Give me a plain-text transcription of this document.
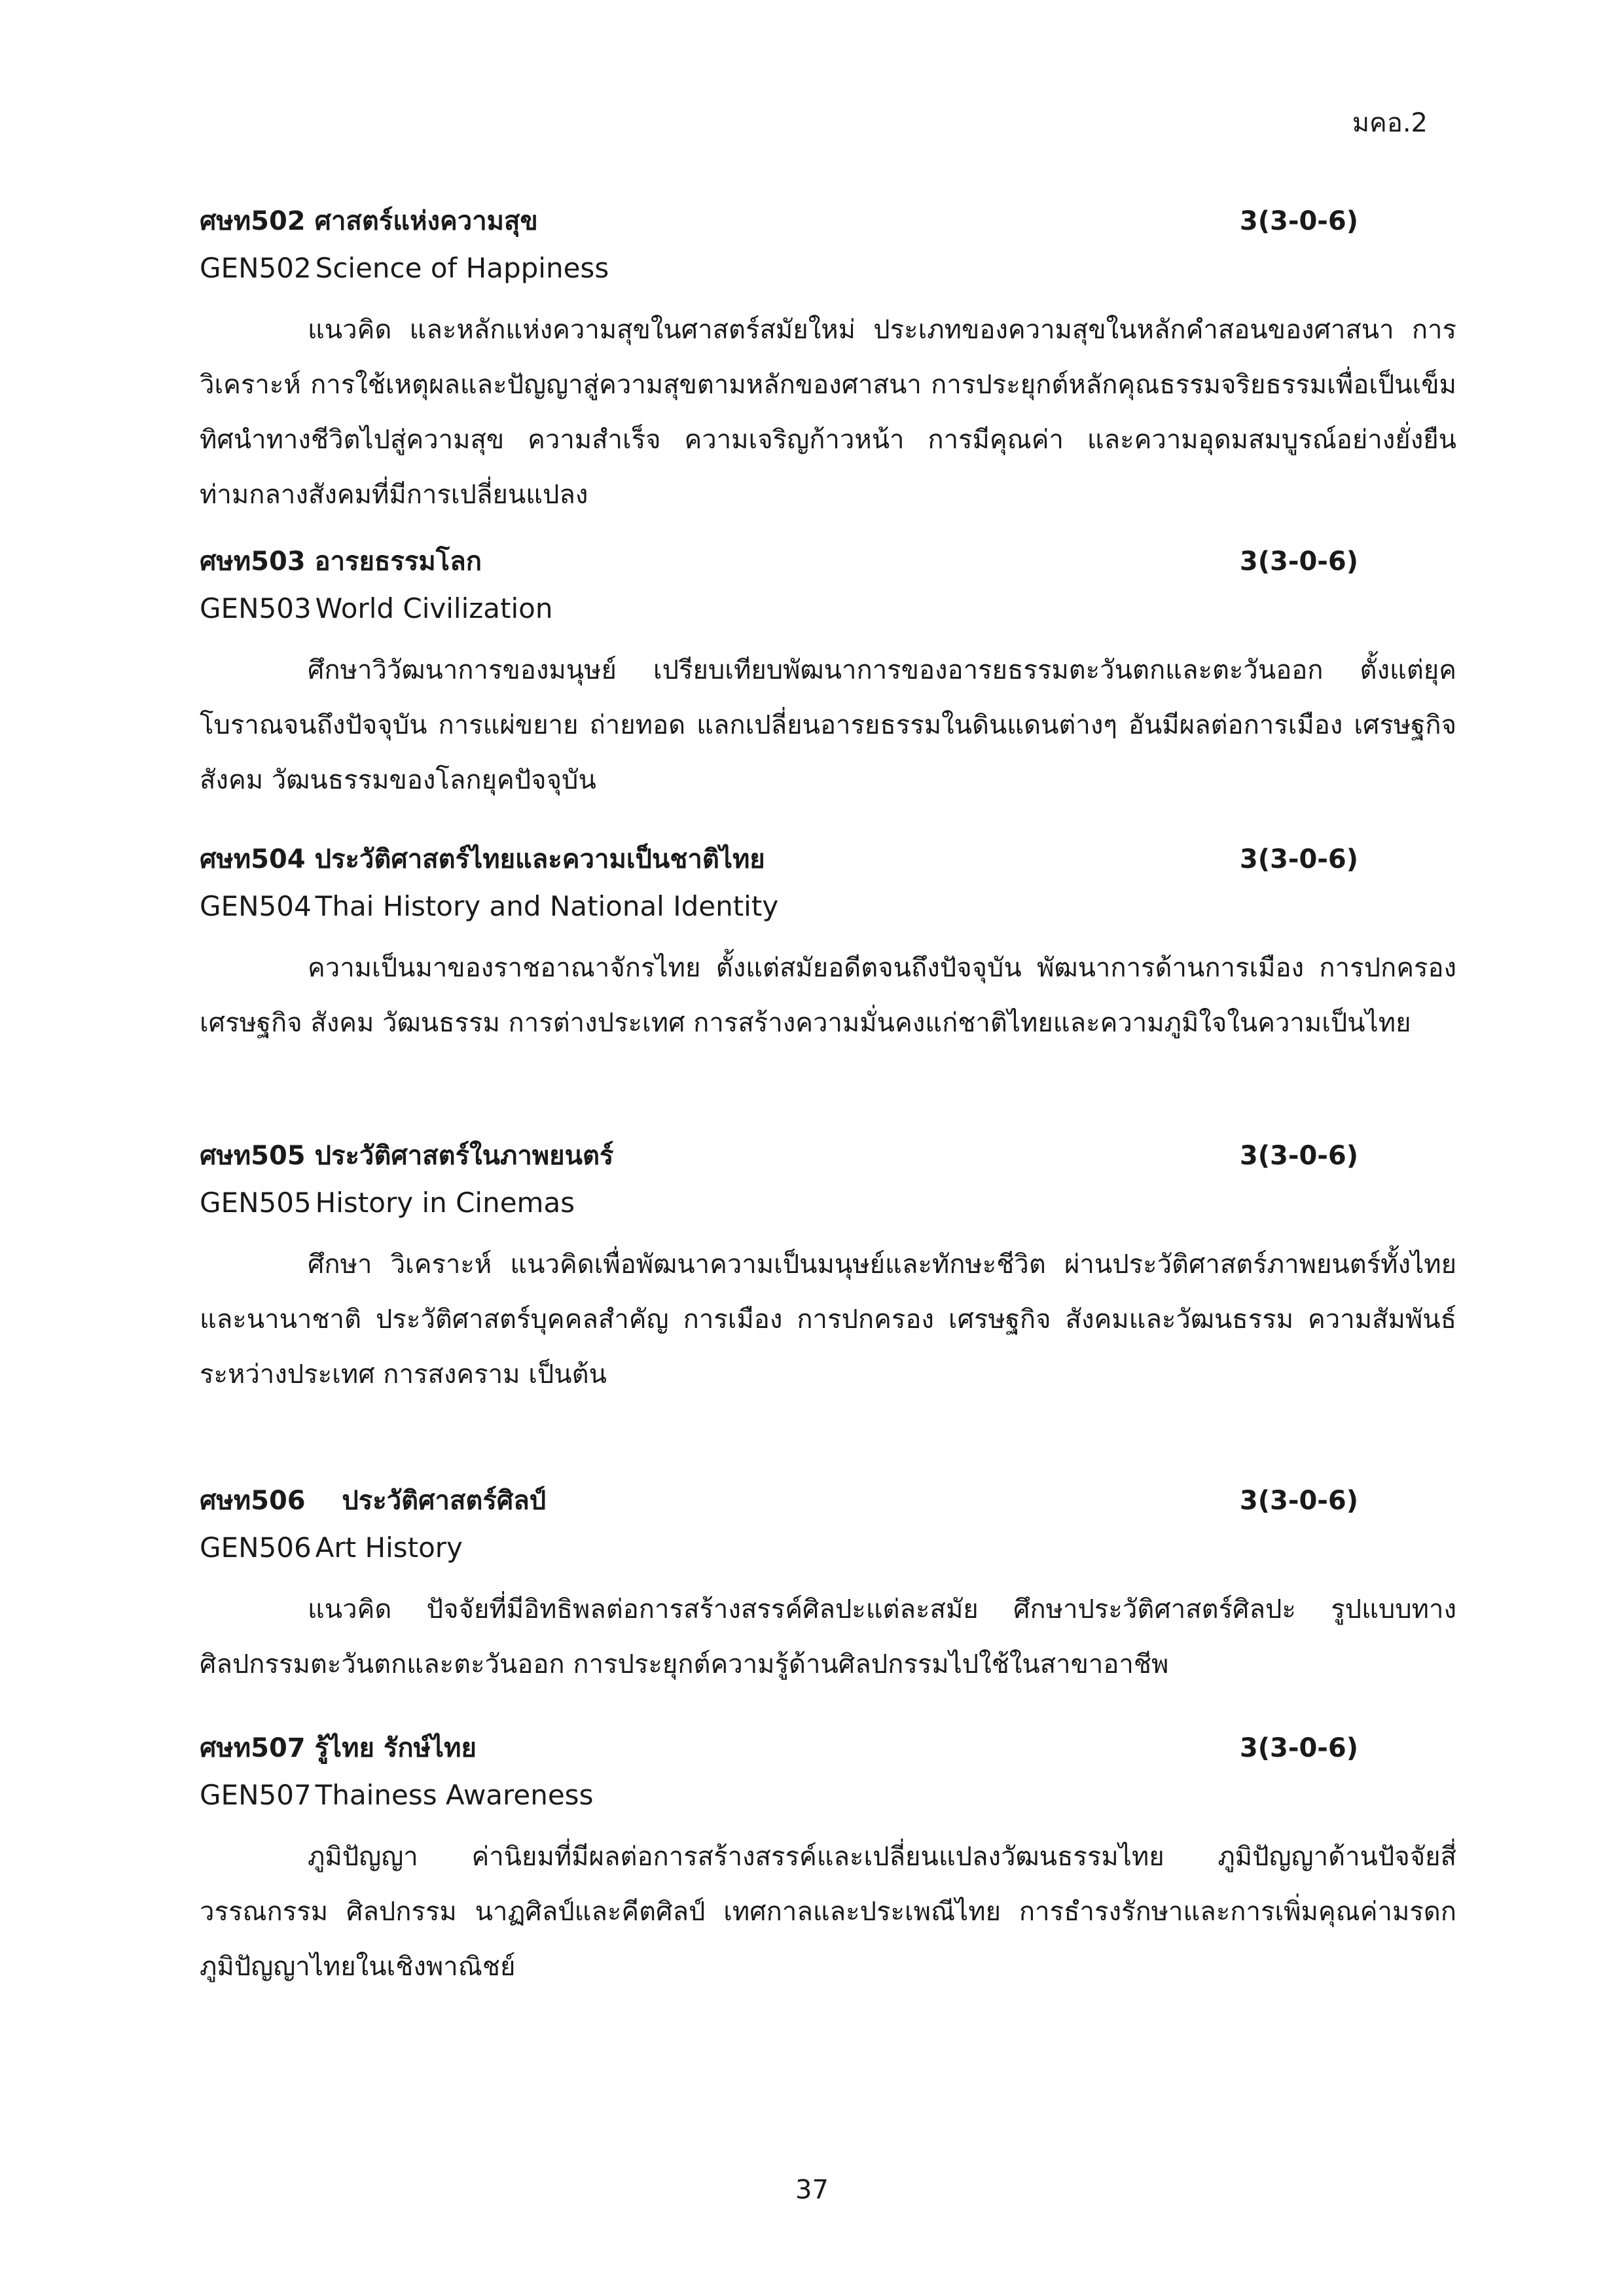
มคอ.2
ศษท502 ศาสตร์แห่งความสุข	3(3-0-6)
GEN502 Science of Happiness

แนวคิด และหลักแห่งความสุขในศาสตร์สมัยใหม่ ประเภทของความสุขในหลักคำสอนของศาสนา การวิเคราะห์ การใช้เหตุผลและปัญญาสู่ความสุขตามหลักของศาสนา การประยุกต์หลักคุณธรรมจริยธรรมเพื่อเป็นเข็มทิศนำทางชีวิตไปสู่ความสุข ความสำเร็จ ความเจริญก้าวหน้า การมีคุณค่า และความอุดมสมบูรณ์อย่างยั่งยืนท่ามกลางสังคมที่มีการเปลี่ยนแปลง

ศษท503 อารยธรรมโลก	3(3-0-6)
GEN503 World Civilization

ศึกษาวิวัฒนาการของมนุษย์ เปรียบเทียบพัฒนาการของอารยธรรมตะวันตกและตะวันออก ตั้งแต่ยุคโบราณจนถึงปัจจุบัน การแผ่ขยาย ถ่ายทอด แลกเปลี่ยนอารยธรรมในดินแดนต่างๆ อันมีผลต่อการเมือง เศรษฐกิจ สังคม วัฒนธรรมของโลกยุคปัจจุบัน

ศษท504 ประวัติศาสตร์ไทยและความเป็นชาติไทย	3(3-0-6)
GEN504 Thai History and National Identity

ความเป็นมาของราชอาณาจักรไทย ตั้งแต่สมัยอดีตจนถึงปัจจุบัน พัฒนาการด้านการเมือง การปกครอง เศรษฐกิจ สังคม วัฒนธรรม การต่างประเทศ การสร้างความมั่นคงแก่ชาติไทยและความภูมิใจในความเป็นไทย

ศษท505 ประวัติศาสตร์ในภาพยนตร์	3(3-0-6)
GEN505 History in Cinemas

ศึกษา วิเคราะห์ แนวคิดเพื่อพัฒนาความเป็นมนุษย์และทักษะชีวิต ผ่านประวัติศาสตร์ภาพยนตร์ทั้งไทยและนานาชาติ ประวัติศาสตร์บุคคลสำคัญ การเมือง การปกครอง เศรษฐกิจ สังคมและวัฒนธรรม ความสัมพันธ์ระหว่างประเทศ การสงคราม เป็นต้น

ศษท506 ประวัติศาสตร์ศิลป์	3(3-0-6)
GEN506 Art History

แนวคิด ปัจจัยที่มีอิทธิพลต่อการสร้างสรรค์ศิลปะแต่ละสมัย ศึกษาประวัติศาสตร์ศิลปะ รูปแบบทางศิลปกรรมตะวันตกและตะวันออก การประยุกต์ความรู้ด้านศิลปกรรมไปใช้ในสาขาอาชีพ

ศษท507 รู้ไทย รักษ์ไทย	3(3-0-6)
GEN507 Thainess Awareness

ภูมิปัญญา ค่านิยมที่มีผลต่อการสร้างสรรค์และเปลี่ยนแปลงวัฒนธรรมไทย ภูมิปัญญาด้านปัจจัยสี่ วรรณกรรม ศิลปกรรม นาฏศิลป์และคีตศิลป์ เทศกาลและประเพณีไทย การธำรงรักษาและการเพิ่มคุณค่ามรดกภูมิปัญญาไทยในเชิงพาณิชย์

37
